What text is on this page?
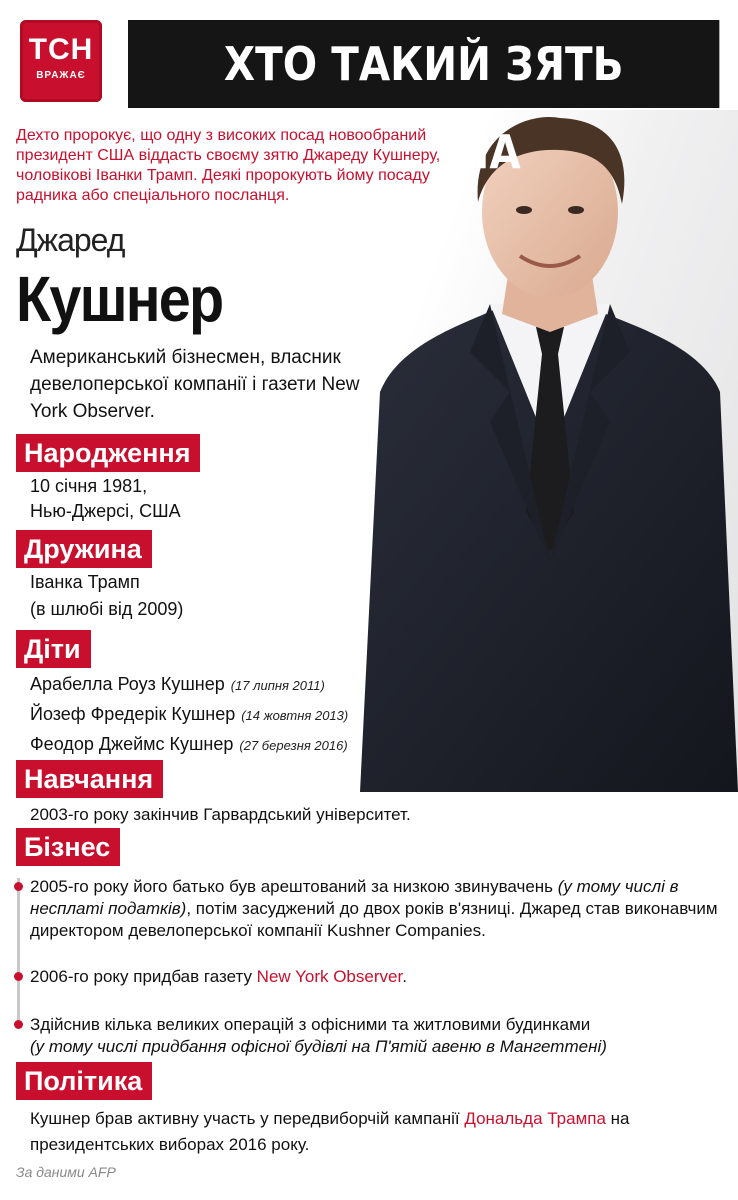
ТСН
ВРАЖАЄ	ХТО ТАКИЙ ЗЯТЬ ТРАМПА
Дехто пророкує, що одну з високих посад новообраний президент США віддасть своєму зятю Джареду Кушнеру, чоловікові Іванки Трамп. Деякі пророкують йому посаду радника або спеціального посланця.
Джаред
Кушнер
Американський бізнесмен, власник девелоперської компанії і газети New York Observer.
Народження
10 січня 1981,
Нью-Джерсі, США
Дружина
Іванка Трамп
(в шлюбі від 2009)
Діти
Арабелла Роуз Кушнер (17 липня 2011)
Йозеф Фредерік Кушнер (14 жовтня 2013)
Феодор Джеймс Кушнер (27 березня 2016)
Навчання
2003-го року закінчив Гарвардський університет.
Бізнес
2005-го року його батько був арештований за низкою звинувачень (у тому числі в несплаті податків), потім засуджений до двох років в'язниці. Джаред став виконавчим директором девелоперської компанії Kushner Companies.
2006-го року придбав газету New York Observer.
Здійснив кілька великих операцій з офісними та житловими будинками
(у тому числі придбання офісної будівлі на П'ятій авеню в Мангеттені)
Політика
Кушнер брав активну участь у передвиборчій кампанії Дональда Трампа на президентських виборах 2016 року.
За даними AFP
